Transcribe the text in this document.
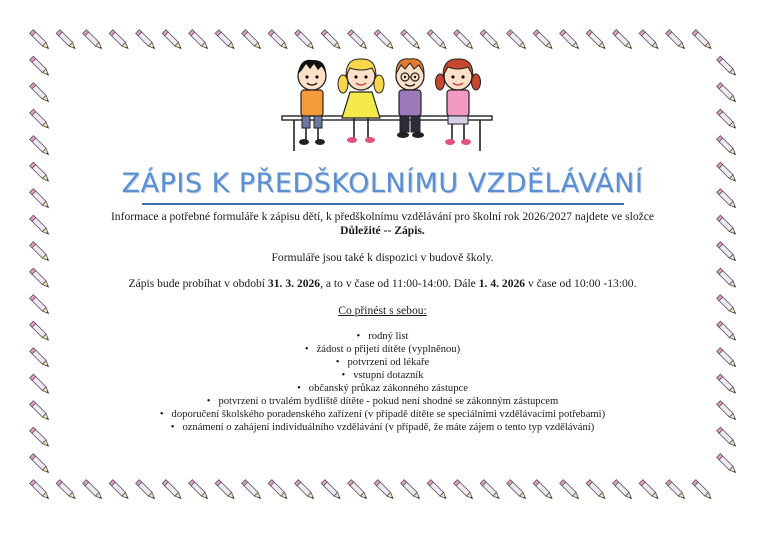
ZÁPIS K PŘEDŠKOLNÍMU VZDĚLÁVÁNÍ
Informace a potřebné formuláře k zápisu dětí, k předškolnímu vzdělávání pro školní rok 2026/2027 najdete ve složce
Důležité -- Zápis.
Formuláře jsou také k dispozici v budově školy.
Zápis bude probíhat v období 31. 3. 2026, a to v čase od 11:00-14:00. Dále 1. 4. 2026 v čase od 10:00 -13:00.
Co přinést s sebou:
• rodný list
• žádost o přijetí dítěte (vyplněnou)
• potvrzení od lékaře
• vstupní dotazník
• občanský průkaz zákonného zástupce
• potvrzení o trvalém bydliště dítěte - pokud není shodné se zákonným zástupcem
• doporučení školského poradenského zařízení (v případě dítěte se speciálními vzdělávacími potřebami)
• oznámení o zahájení individuálního vzdělávání (v případě, že máte zájem o tento typ vzdělávání)
